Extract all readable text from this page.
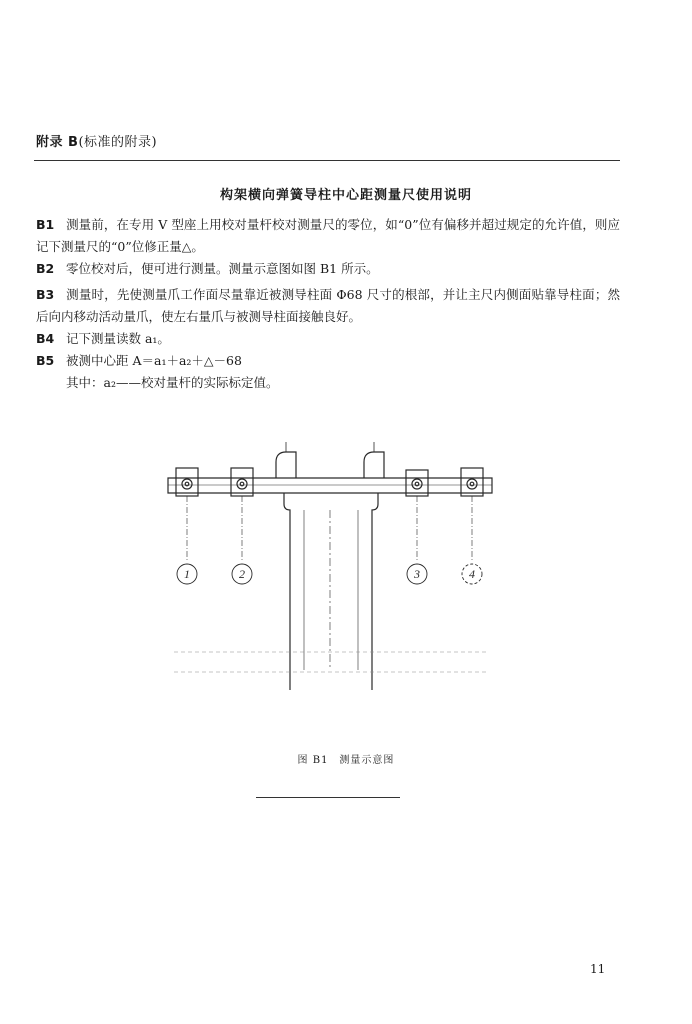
附录 B(标准的附录)
构架横向弹簧导柱中心距测量尺使用说明
B1 测量前，在专用 V 型座上用校对量杆校对测量尺的零位，如“0”位有偏移并超过规定的允许值，则应记下测量尺的“0”位修正量△。
B2 零位校对后，便可进行测量。测量示意图如图 B1 所示。
B3 测量时，先使测量爪工作面尽量靠近被测导柱面 Φ68 尺寸的根部，并让主尺内侧面贴靠导柱面；然后向内移动活动量爪，使左右量爪与被测导柱面接触良好。
B4 记下测量读数 a₁。
B5 被测中心距 A＝a₁＋a₂＋△－68
其中：a₂——校对量杆的实际标定值。
1	2	3	4
图 B1　测量示意图
11
